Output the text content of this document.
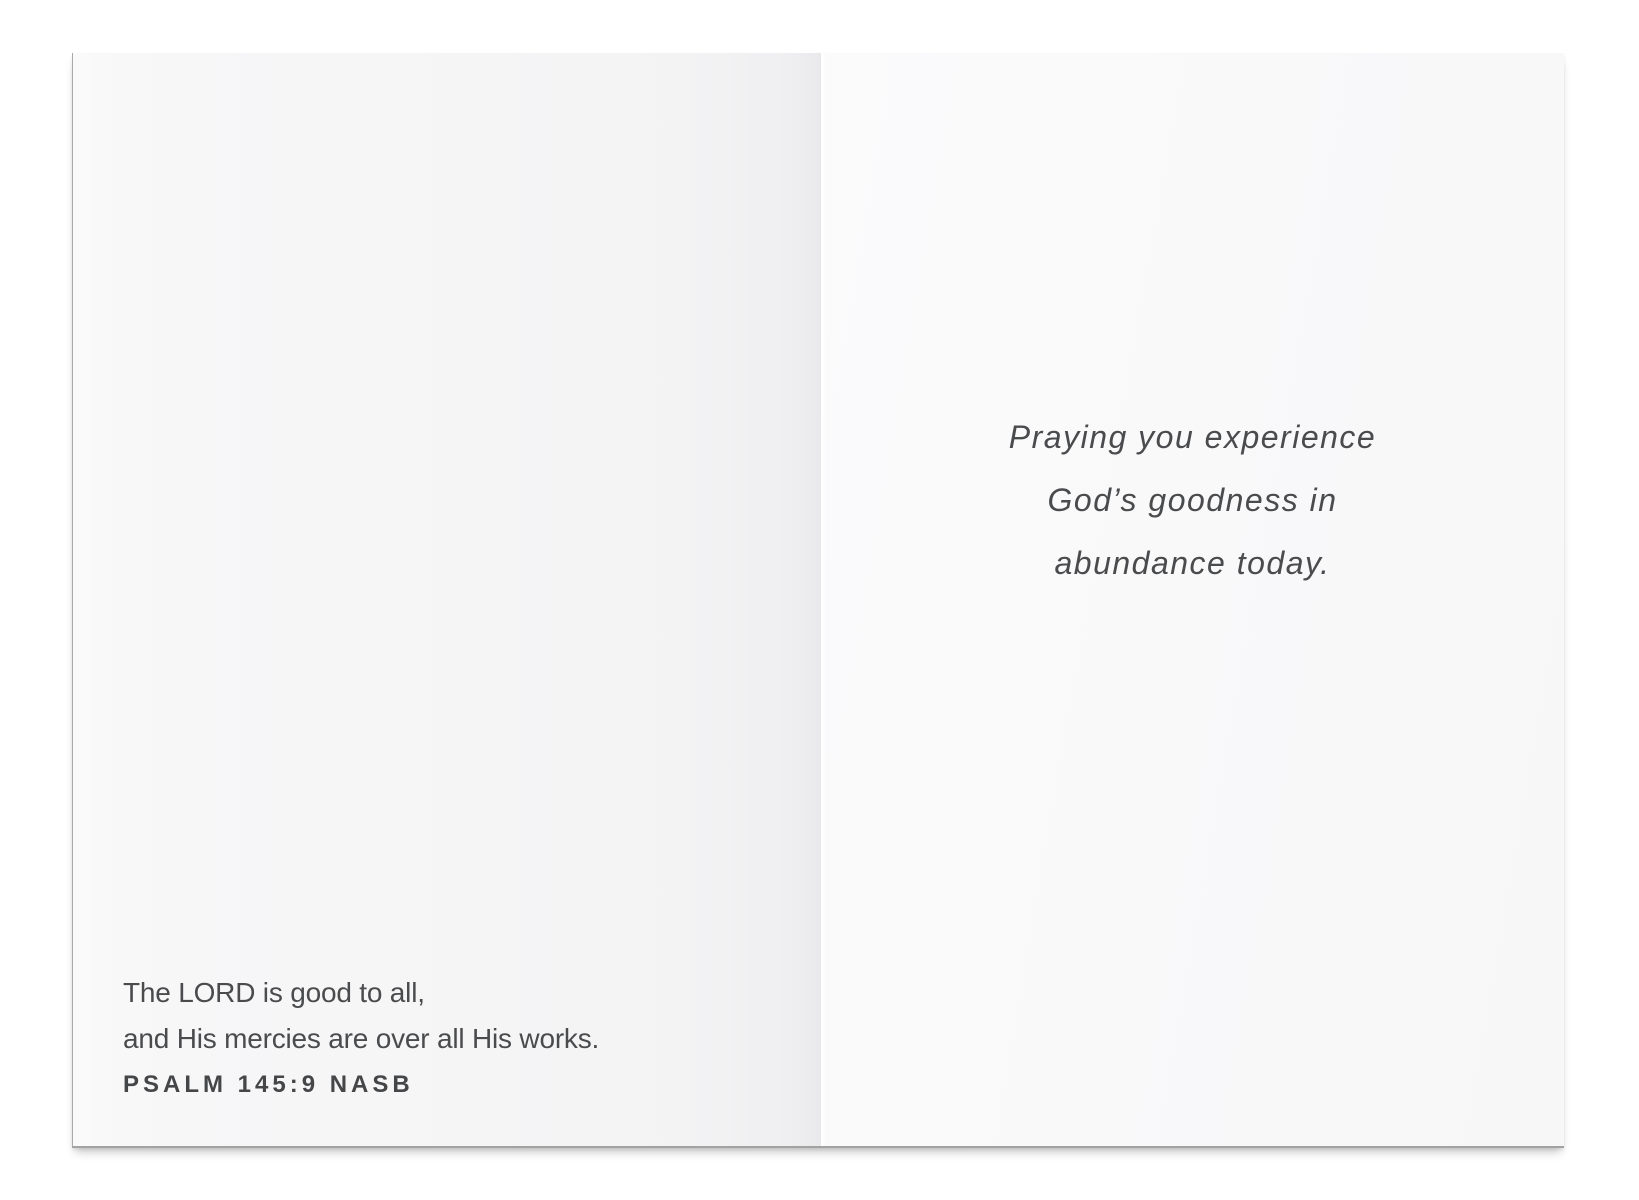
The LORD is good to all,
and His mercies are over all His works.
PSALM 145:9 NASB
Praying you experience
God’s goodness in
abundance today.
